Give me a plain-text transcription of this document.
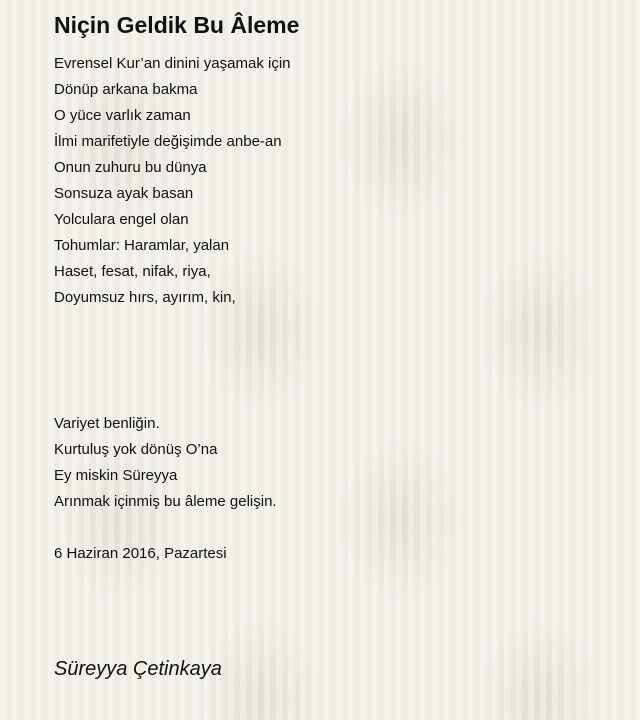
Niçin Geldik Bu Âleme
Evrensel Kur’an dinini yaşamak için
Dönüp arkana bakma
O yüce varlık zaman
İlmi marifetiyle değişimde anbe-an
Onun zuhuru bu dünya
Sonsuza ayak basan
Yolculara engel olan
Tohumlar: Haramlar, yalan
Haset, fesat, nifak, riya,
Doyumsuz hırs, ayırım, kin,
Variyet benliğin.
Kurtuluş yok dönüş O’na
Ey miskin Süreyya
Arınmak içinmiş bu âleme gelişin.
6 Haziran 2016, Pazartesi
Süreyya Çetinkaya
